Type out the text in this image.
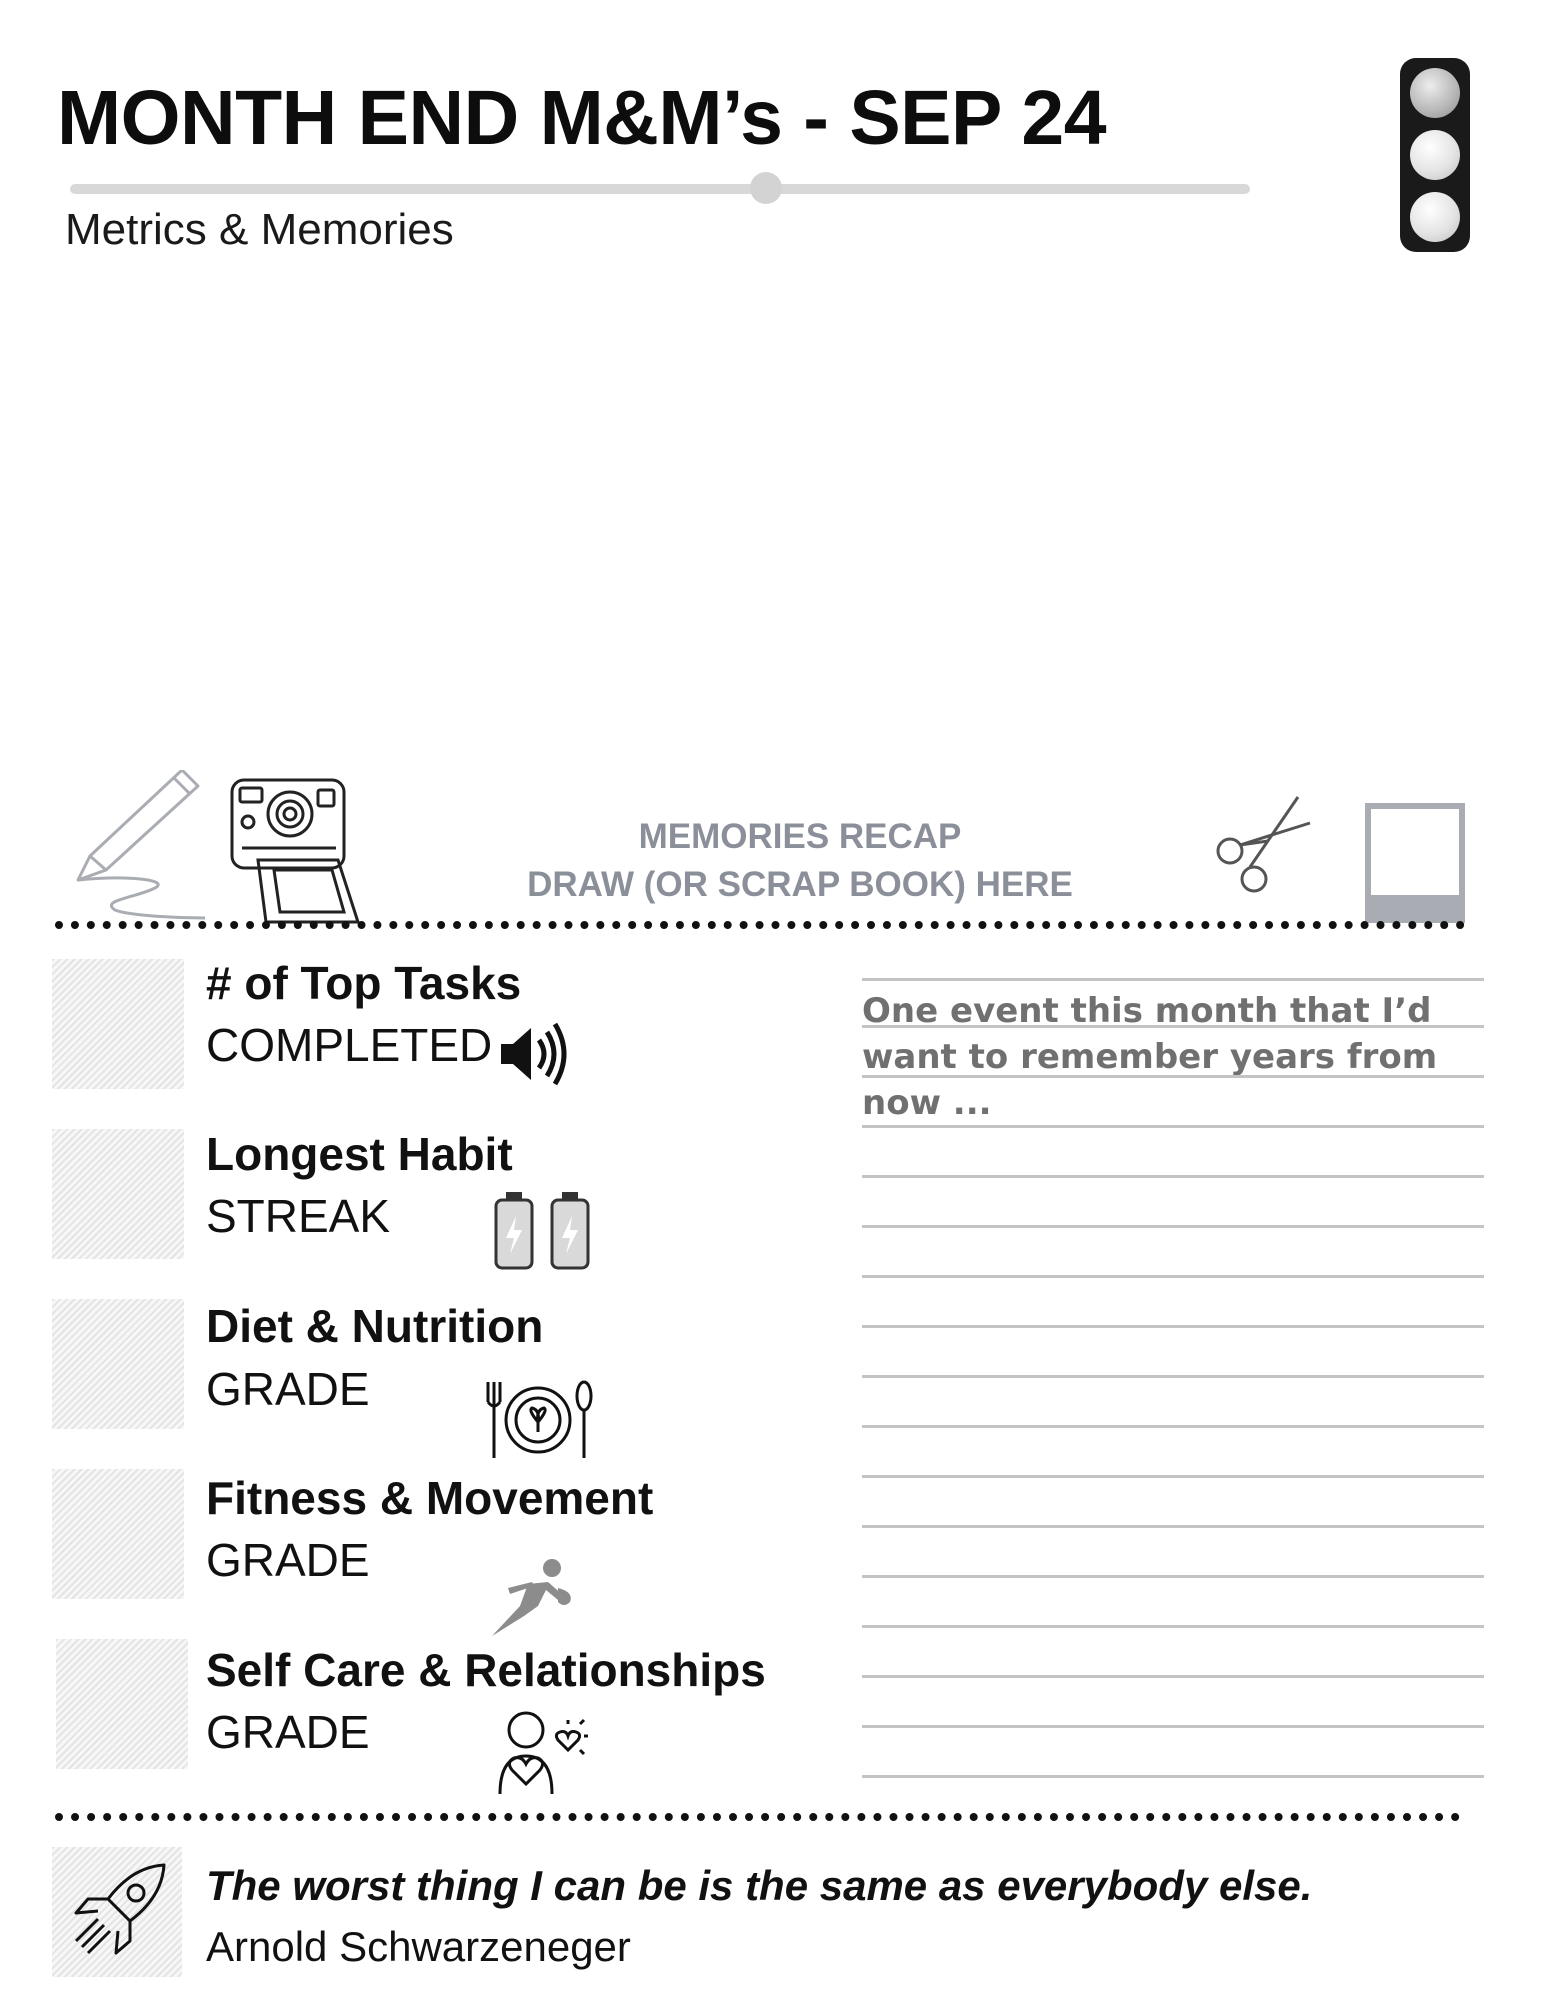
MONTH END M&M’s - SEP 24
Metrics & Memories
MEMORIES RECAP
DRAW (OR SCRAP BOOK) HERE
# of Top Tasks
COMPLETED
Longest Habit
STREAK
Diet & Nutrition
GRADE
Fitness & Movement
GRADE
Self Care & Relationships
GRADE
One event this month that I’d want to remember years from now ...
The worst thing I can be is the same as everybody else.
Arnold Schwarzeneger
